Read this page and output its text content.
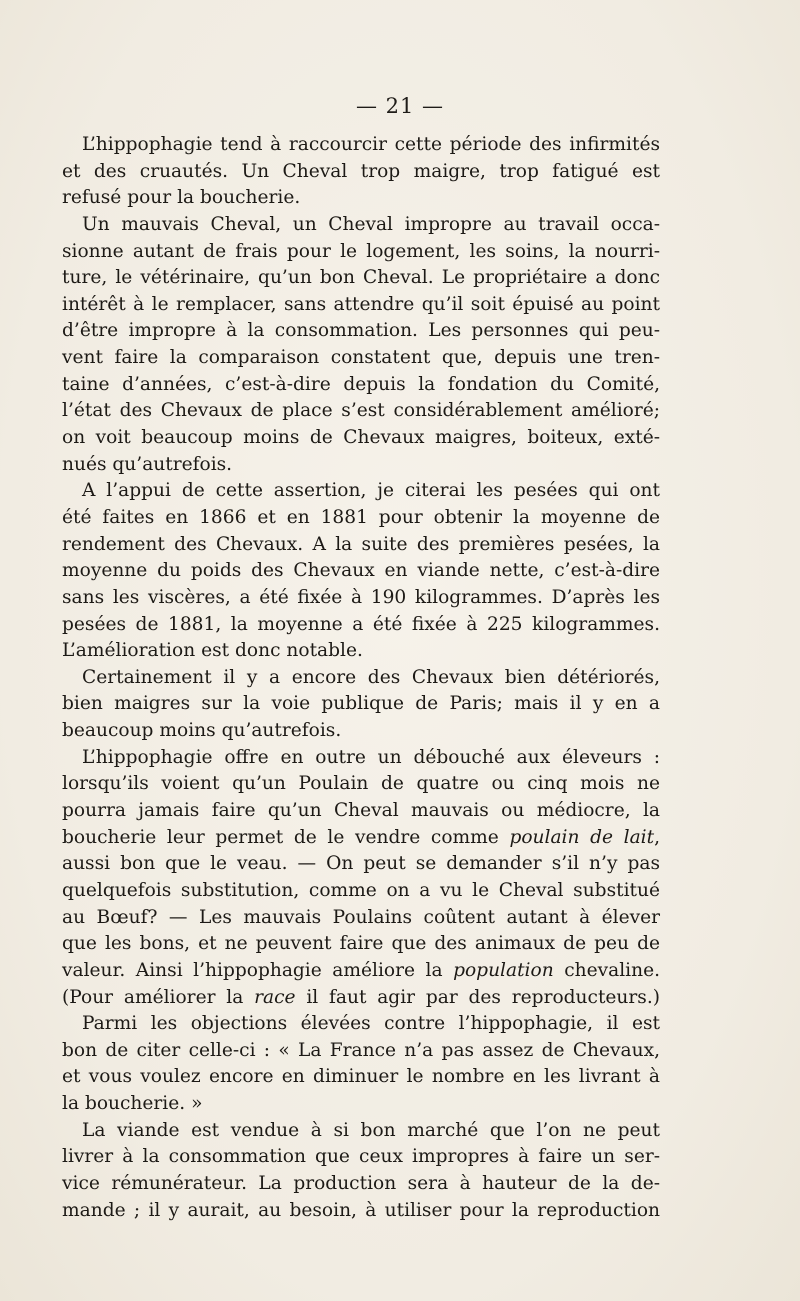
— 21 —
L’hippophagie tend à raccourcir cette période des infirmités
et des cruautés. Un Cheval trop maigre, trop fatigué est
refusé pour la boucherie.
Un mauvais Cheval, un Cheval impropre au travail occa-
sionne autant de frais pour le logement, les soins, la nourri-
ture, le vétérinaire, qu’un bon Cheval. Le propriétaire a donc
intérêt à le remplacer, sans attendre qu’il soit épuisé au point
d’être impropre à la consommation. Les personnes qui peu-
vent faire la comparaison constatent que, depuis une tren-
taine d’années, c’est-à-dire depuis la fondation du Comité,
l’état des Chevaux de place s’est considérablement amélioré;
on voit beaucoup moins de Chevaux maigres, boiteux, exté-
nués qu’autrefois.
A l’appui de cette assertion, je citerai les pesées qui ont
été faites en 1866 et en 1881 pour obtenir la moyenne de
rendement des Chevaux. A la suite des premières pesées, la
moyenne du poids des Chevaux en viande nette, c’est-à-dire
sans les viscères, a été fixée à 190 kilogrammes. D’après les
pesées de 1881, la moyenne a été fixée à 225 kilogrammes.
L’amélioration est donc notable.
Certainement il y a encore des Chevaux bien détériorés,
bien maigres sur la voie publique de Paris; mais il y en a
beaucoup moins qu’autrefois.
L’hippophagie offre en outre un débouché aux éleveurs :
lorsqu’ils voient qu’un Poulain de quatre ou cinq mois ne
pourra jamais faire qu’un Cheval mauvais ou médiocre, la
boucherie leur permet de le vendre comme poulain de lait,
aussi bon que le veau. — On peut se demander s’il n’y pas
quelquefois substitution, comme on a vu le Cheval substitué
au Bœuf? — Les mauvais Poulains coûtent autant à élever
que les bons, et ne peuvent faire que des animaux de peu de
valeur. Ainsi l’hippophagie améliore la population chevaline.
(Pour améliorer la race il faut agir par des reproducteurs.)
Parmi les objections élevées contre l’hippophagie, il est
bon de citer celle-ci : « La France n’a pas assez de Chevaux,
et vous voulez encore en diminuer le nombre en les livrant à
la boucherie. »
La viande est vendue à si bon marché que l’on ne peut
livrer à la consommation que ceux impropres à faire un ser-
vice rémunérateur. La production sera à hauteur de la de-
mande ; il y aurait, au besoin, à utiliser pour la reproduction
